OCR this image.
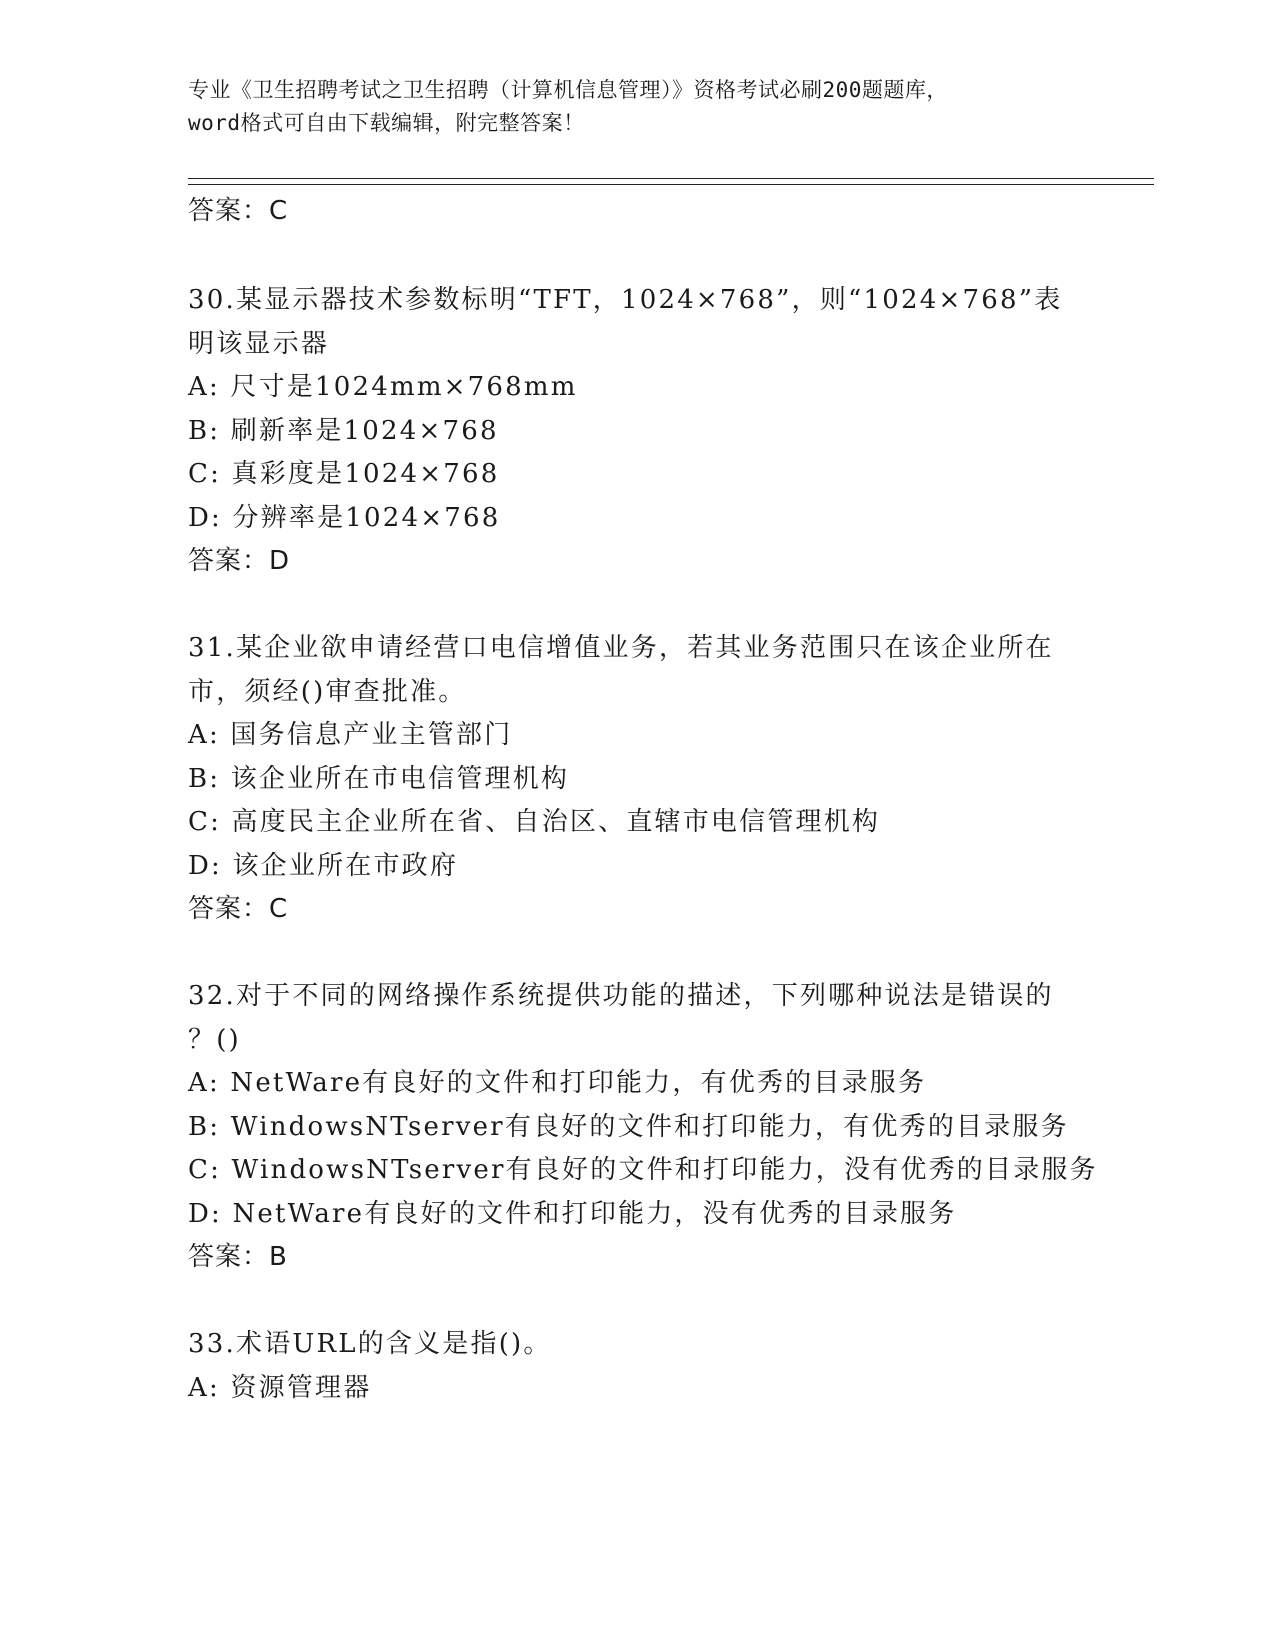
专业《卫生招聘考试之卫生招聘（计算机信息管理）》资格考试必刷200题题库，
word格式可自由下载编辑，附完整答案！
答案：C
30.某显示器技术参数标明“TFT，1024×768”，则“1024×768”表
明该显示器
A: 尺寸是1024mm×768mm
B: 刷新率是1024×768
C: 真彩度是1024×768
D: 分辨率是1024×768
答案：D
31.某企业欲申请经营口电信增值业务，若其业务范围只在该企业所在
市，须经()审查批准。
A: 国务信息产业主管部门
B: 该企业所在市电信管理机构
C: 高度民主企业所在省、自治区、直辖市电信管理机构
D: 该企业所在市政府
答案：C
32.对于不同的网络操作系统提供功能的描述，下列哪种说法是错误的
？()
A: NetWare有良好的文件和打印能力，有优秀的目录服务
B: WindowsNTserver有良好的文件和打印能力，有优秀的目录服务
C: WindowsNTserver有良好的文件和打印能力，没有优秀的目录服务
D: NetWare有良好的文件和打印能力，没有优秀的目录服务
答案：B
33.术语URL的含义是指()。
A: 资源管理器
